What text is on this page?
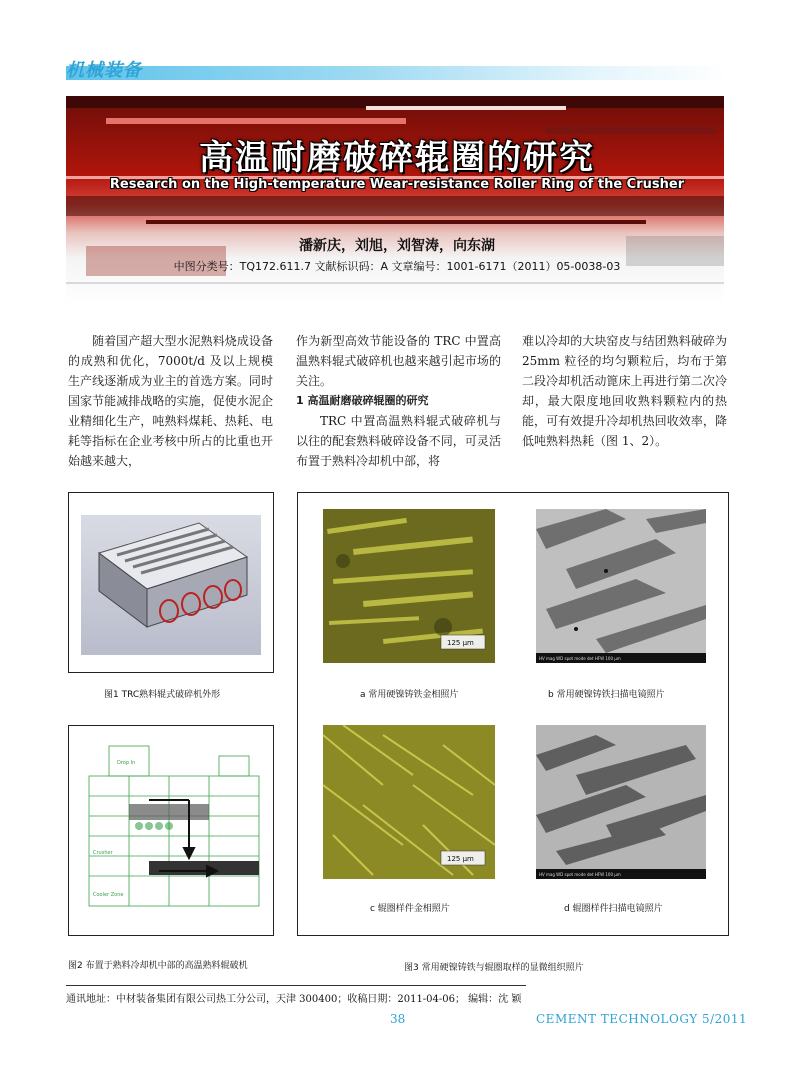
机械装备
高温耐磨破碎辊圈的研究
Research on the High-temperature Wear-resistance Roller Ring of the Crusher
潘新庆，刘旭，刘智涛，向东湖
中图分类号：TQ172.611.7 文献标识码：A 文章编号：1001-6171（2011）05-0038-03

随着国产超大型水泥熟料烧成设备的成熟和优化，7000t/d 及以上规模生产线逐渐成为业主的首选方案。同时国家节能减排战略的实施，促使水泥企业精细化生产，吨熟料煤耗、热耗、电耗等指标在企业考核中所占的比重也开始越来越大，

作为新型高效节能设备的 TRC 中置高温熟料辊式破碎机也越来越引起市场的关注。

1 高温耐磨破碎辊圈的研究

TRC 中置高温熟料辊式破碎机与以往的配套熟料破碎设备不同，可灵活布置于熟料冷却机中部，将

难以冷却的大块窑皮与结团熟料破碎为 25mm 粒径的均匀颗粒后，均布于第二段冷却机活动篦床上再进行第二次冷却，最大限度地回收熟料颗粒内的热能，可有效提升冷却机热回收效率，降低吨熟料热耗（图 1、2）。

图1 TRC熟料辊式破碎机外形
Drop In
Crusher
Cooler Zone
图2 布置于熟料冷却机中部的高温熟料辊破机
125 μm
HV mag WD spot mode det HFW 100 μm
a 常用硬镍铸铁金相照片	b 常用硬镍铸铁扫描电镜照片
125 μm
HV mag WD spot mode det HFW 100 μm
c 辊圈样件金相照片	d 辊圈样件扫描电镜照片
图3 常用硬镍铸铁与辊圈取样的显微组织照片
通讯地址：中材装备集团有限公司热工分公司，天津 300400；收稿日期：2011-04-06； 编辑：沈 颖
38	CEMENT TECHNOLOGY 5/2011
